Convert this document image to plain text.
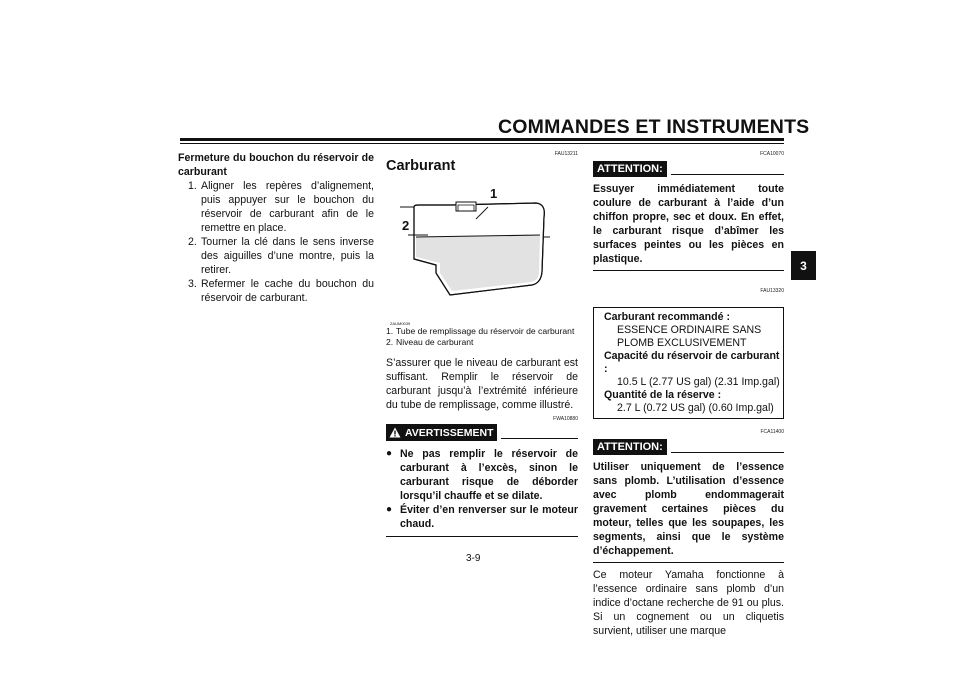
COMMANDES ET INSTRUMENTS
3
Fermeture du bouchon du réservoir de
carburant
1. Aligner les repères d’alignement, puis appuyer sur le bouchon du réservoir de carburant afin de le remettre en place.
2. Tourner la clé dans le sens inverse des aiguilles d’une montre, puis la retirer.
3. Refermer le cache du bouchon du réservoir de carburant.
FAU13211
Carburant
1
2
ZAUM0039
1. Tube de remplissage du réservoir de carburant
2. Niveau de carburant
S’assurer que le niveau de carburant est suffisant. Remplir le réservoir de carburant jusqu’à l’extrémité inférieure du tube de remplissage, comme illustré.
FWA10880
AVERTISSEMENT
● Ne pas remplir le réservoir de carburant à l’excès, sinon le carburant risque de déborder lorsqu’il chauffe et se dilate.
● Éviter d’en renverser sur le moteur chaud.
FCA10070
ATTENTION:
Essuyer immédiatement toute coulure de carburant à l’aide d’un chiffon propre, sec et doux. En effet, le carburant risque d’abîmer les surfaces peintes ou les pièces en plastique.
FAU13320
Carburant recommandé :
ESSENCE ORDINAIRE SANS
PLOMB EXCLUSIVEMENT
Capacité du réservoir de carburant :
10.5 L (2.77 US gal) (2.31 Imp.gal)
Quantité de la réserve :
2.7 L (0.72 US gal) (0.60 Imp.gal)
FCA11400
ATTENTION:
Utiliser uniquement de l’essence sans plomb. L’utilisation d’essence avec plomb endommagerait gravement certaines pièces du moteur, telles que les soupapes, les segments, ainsi que le système d’échappement.
Ce moteur Yamaha fonctionne à l’essence ordinaire sans plomb d’un indice d’octane recherche de 91 ou plus. Si un cognement ou un cliquetis survient, utiliser une marque
3-9
